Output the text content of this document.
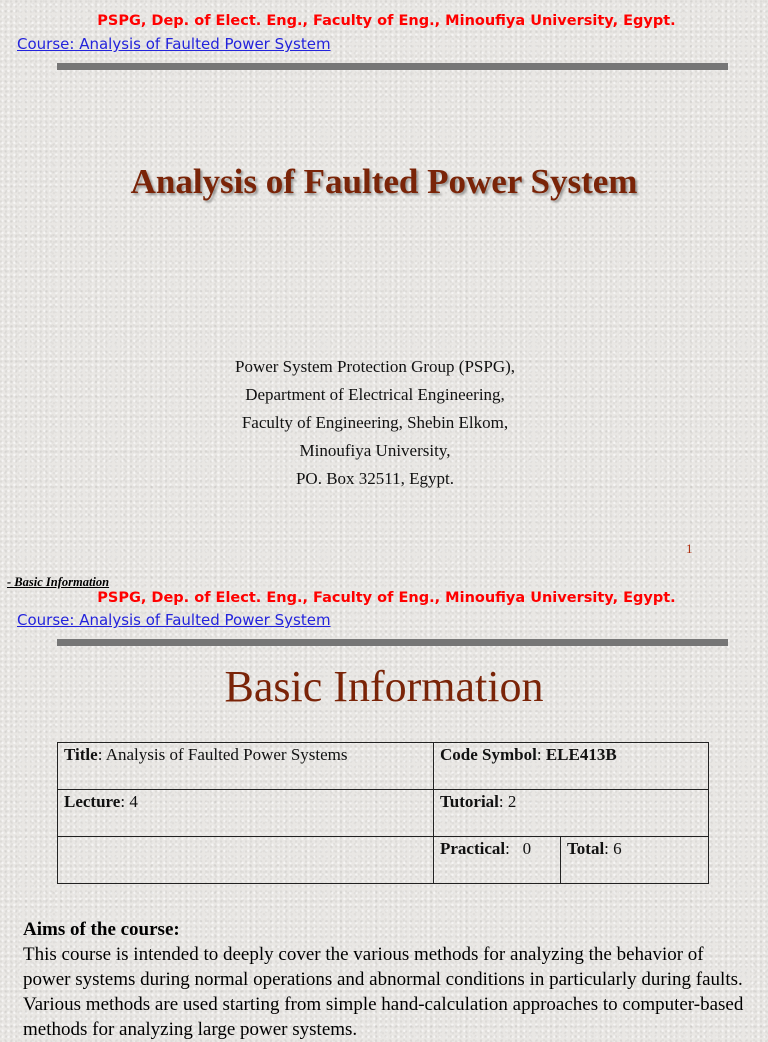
PSPG, Dep. of Elect. Eng., Faculty of Eng., Minoufiya University, Egypt.
Course: Analysis of Faulted Power System
Analysis of Faulted Power System
Power System Protection Group (PSPG),
Department of Electrical Engineering,
Faculty of Engineering, Shebin Elkom,
Minoufiya University,
PO. Box 32511, Egypt.
1
- Basic Information
PSPG, Dep. of Elect. Eng., Faculty of Eng., Minoufiya University, Egypt.
Course: Analysis of Faulted Power System
Basic Information
Title: Analysis of Faulted Power Systems	Code Symbol: ELE413B	
Lecture: 4	Tutorial: 2	
	Practical:   0	Total: 6
Aims of the course:
This course is intended to deeply cover the various methods for analyzing the behavior of power systems during normal operations and abnormal conditions in particularly during faults. Various methods are used starting from simple hand-calculation approaches to computer-based methods for analyzing large power systems.
